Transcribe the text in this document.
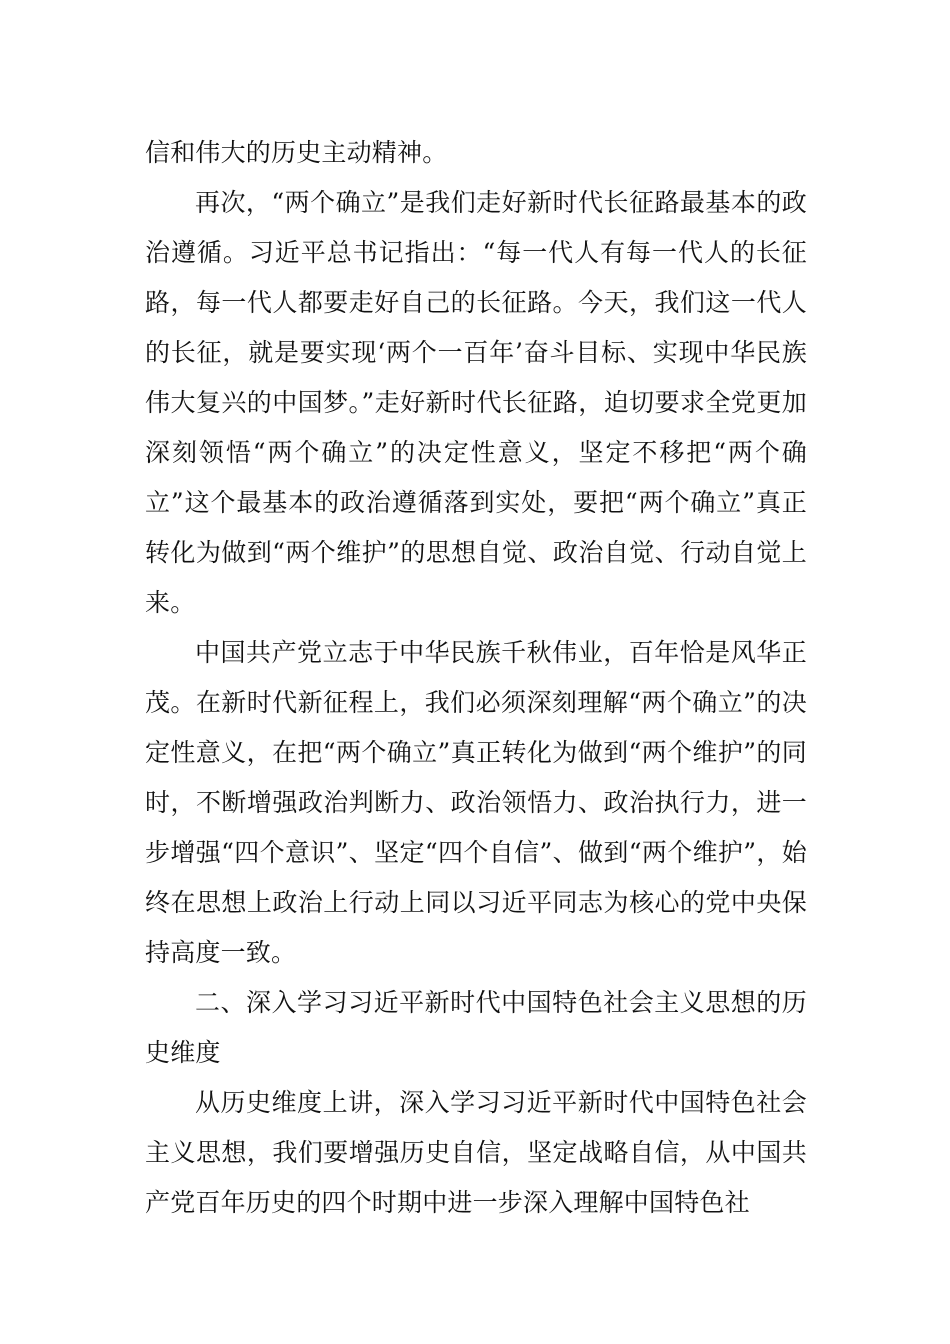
信和伟大的历史主动精神。

再次，“两个确立”是我们走好新时代长征路最基本的政治遵循。习近平总书记指出：“每一代人有每一代人的长征路，每一代人都要走好自己的长征路。今天，我们这一代人的长征，就是要实现‘两个一百年’奋斗目标、实现中华民族伟大复兴的中国梦。”走好新时代长征路，迫切要求全党更加深刻领悟“两个确立”的决定性意义，坚定不移把“两个确立”这个最基本的政治遵循落到实处，要把“两个确立”真正转化为做到“两个维护”的思想自觉、政治自觉、行动自觉上来。

中国共产党立志于中华民族千秋伟业，百年恰是风华正茂。在新时代新征程上，我们必须深刻理解“两个确立”的决定性意义，在把“两个确立”真正转化为做到“两个维护”的同时，不断增强政治判断力、政治领悟力、政治执行力，进一步增强“四个意识”、坚定“四个自信”、做到“两个维护”，始终在思想上政治上行动上同以习近平同志为核心的党中央保持高度一致。

二、深入学习习近平新时代中国特色社会主义思想的历史维度

从历史维度上讲，深入学习习近平新时代中国特色社会主义思想，我们要增强历史自信，坚定战略自信，从中国共产党百年历史的四个时期中进一步深入理解中国特色社
